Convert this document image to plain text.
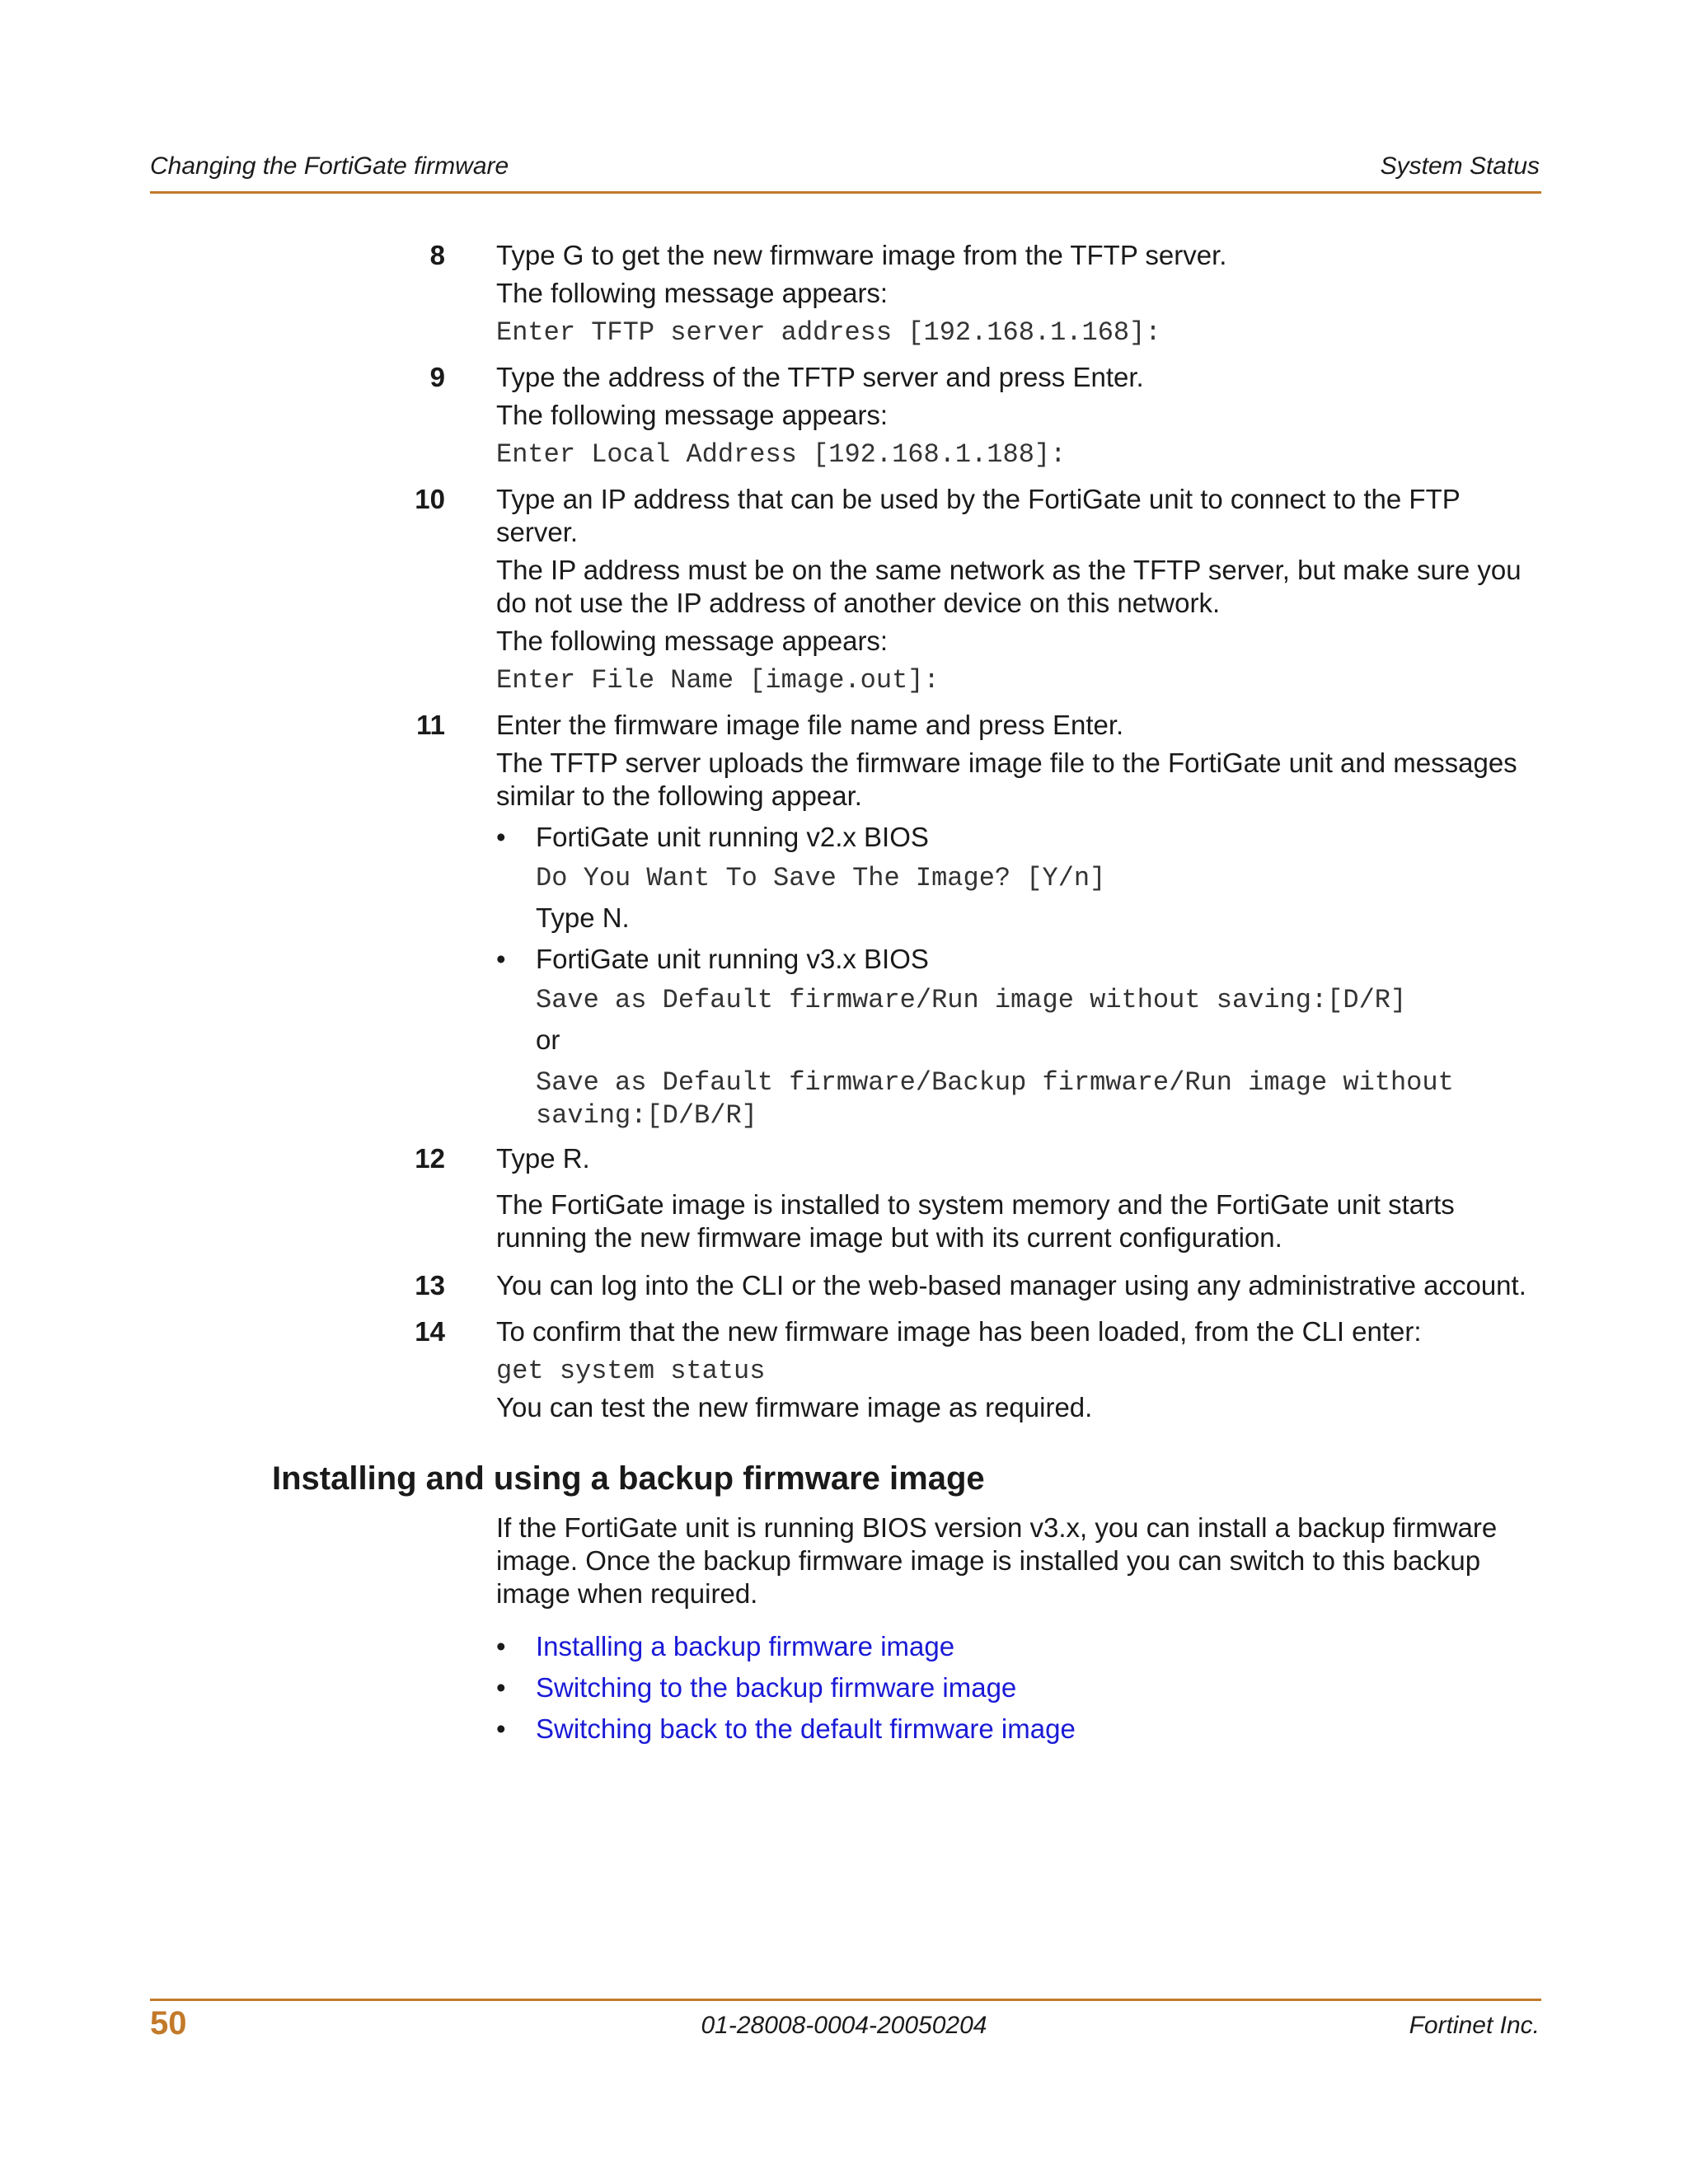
Changing the FortiGate firmware	System Status
8 Type G to get the new firmware image from the TFTP server.
The following message appears:
Enter TFTP server address [192.168.1.168]:
9 Type the address of the TFTP server and press Enter.
The following message appears:
Enter Local Address [192.168.1.188]:
10 Type an IP address that can be used by the FortiGate unit to connect to the FTP server.
The IP address must be on the same network as the TFTP server, but make sure you do not use the IP address of another device on this network.
The following message appears:
Enter File Name [image.out]:
11 Enter the firmware image file name and press Enter.
The TFTP server uploads the firmware image file to the FortiGate unit and messages similar to the following appear.
• FortiGate unit running v2.x BIOS
Do You Want To Save The Image? [Y/n]
Type N.
• FortiGate unit running v3.x BIOS
Save as Default firmware/Run image without saving:[D/R]
or
Save as Default firmware/Backup firmware/Run image without saving:[D/B/R]
12 Type R.
The FortiGate image is installed to system memory and the FortiGate unit starts running the new firmware image but with its current configuration.
13 You can log into the CLI or the web-based manager using any administrative account.
14 To confirm that the new firmware image has been loaded, from the CLI enter:
get system status
You can test the new firmware image as required.
Installing and using a backup firmware image
If the FortiGate unit is running BIOS version v3.x, you can install a backup firmware image. Once the backup firmware image is installed you can switch to this backup image when required.
• Installing a backup firmware image
• Switching to the backup firmware image
• Switching back to the default firmware image
50	01-28008-0004-20050204	Fortinet Inc.
